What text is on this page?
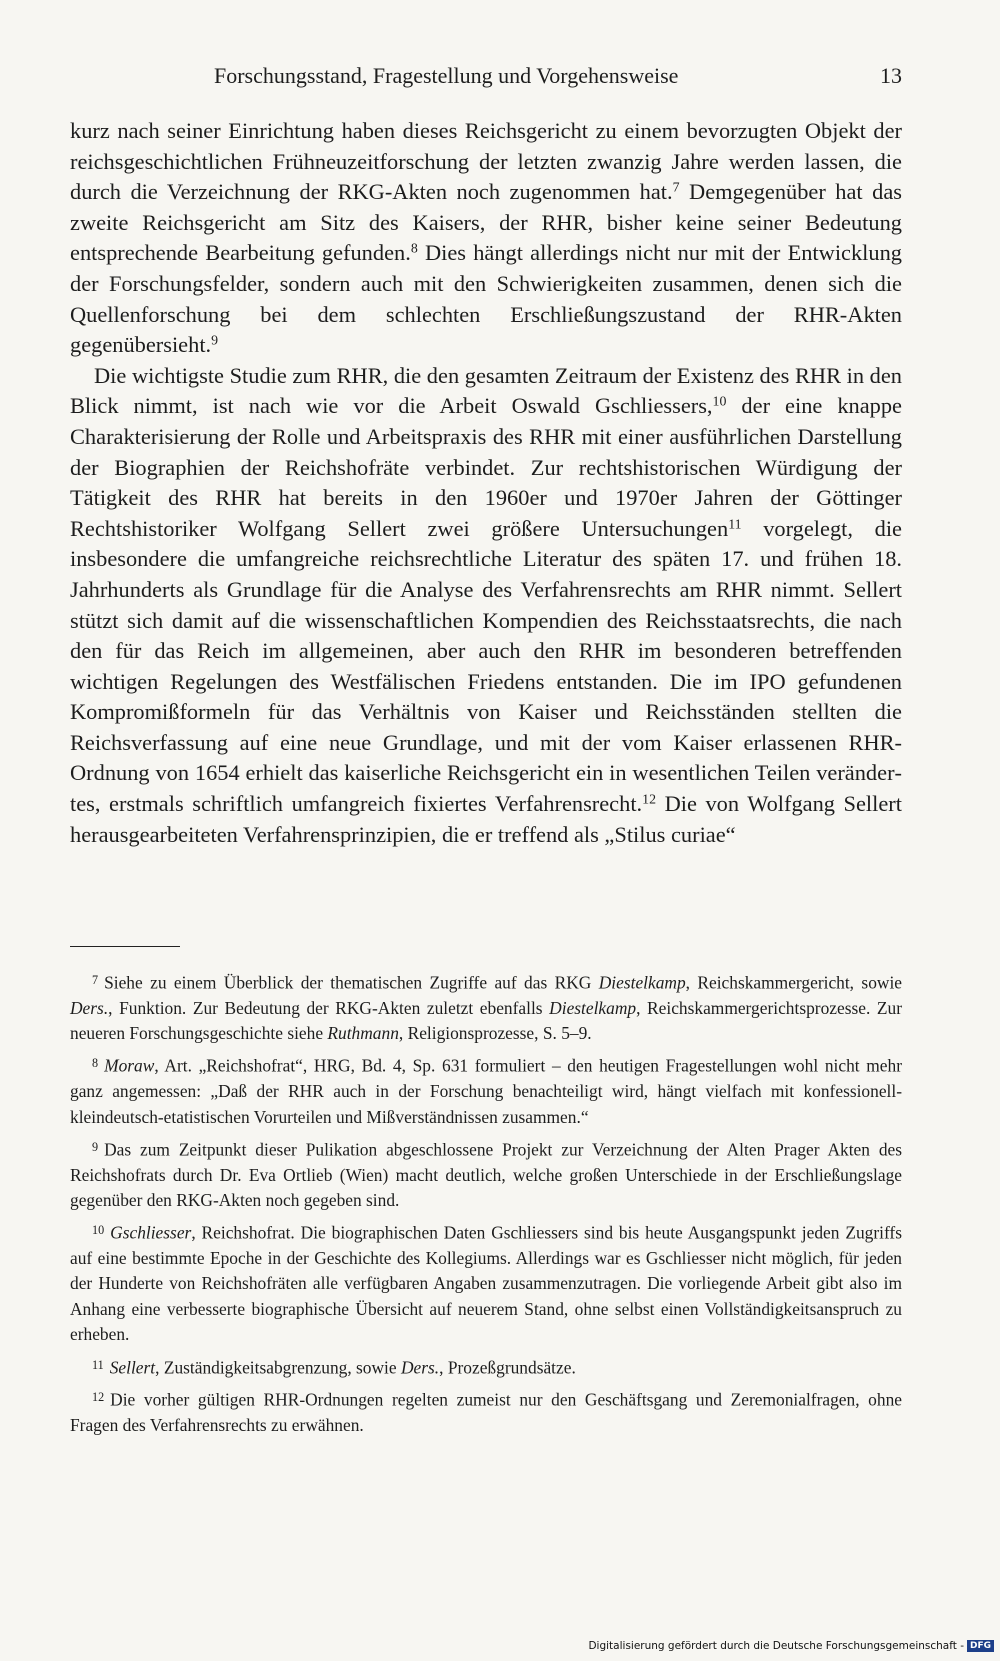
Forschungsstand, Fragestellung und Vorgehensweise	13

kurz nach seiner Einrichtung haben dieses Reichsgericht zu einem bevorzugten Objekt der reichsgeschichtlichen Frühneuzeitforschung der letzten zwanzig Jahre werden lassen, die durch die Verzeichnung der RKG-Akten noch zugenommen hat.$^7$ Demgegenüber hat das zweite Reichsgericht am Sitz des Kaisers, der RHR, bisher keine seiner Bedeutung entsprechende Bearbeitung gefunden.$^8$ Dies hängt allerdings nicht nur mit der Entwicklung der Forschungsfelder, sondern auch mit den Schwierigkeiten zusammen, denen sich die Quellenforschung bei dem schlechten Erschließungszustand der RHR-Akten gegenübersieht.$^9$

Die wichtigste Studie zum RHR, die den gesamten Zeitraum der Existenz des RHR in den Blick nimmt, ist nach wie vor die Arbeit Oswald Gschliessers,$^{10}$ der eine knappe Charakterisierung der Rolle und Arbeitspraxis des RHR mit einer ausführlichen Darstellung der Biographien der Reichshofräte verbindet. Zur rechtshistorischen Würdigung der Tätigkeit des RHR hat bereits in den 1960er und 1970er Jahren der Göttinger Rechtshistoriker Wolfgang Sellert zwei größere Untersuchungen$^{11}$ vorgelegt, die insbesondere die umfangreiche reichsrechtliche Literatur des späten 17. und frühen 18. Jahrhunderts als Grundlage für die Analyse des Verfahrensrechts am RHR nimmt. Sellert stützt sich damit auf die wissenschaftlichen Kompendien des Reichsstaatsrechts, die nach den für das Reich im allgemeinen, aber auch den RHR im besonderen betreffenden wichtigen Regelungen des Westfälischen Friedens entstanden. Die im IPO gefundenen Kompromißformeln für das Verhältnis von Kaiser und Reichsständen stellten die Reichsverfassung auf eine neue Grundlage, und mit der vom Kaiser erlassenen RHR-Ordnung von 1654 erhielt das kaiserliche Reichsgericht ein in wesentlichen Teilen verändertes, erstmals schriftlich umfangreich fixiertes Verfahrensrecht.$^{12}$ Die von Wolfgang Sellert herausgearbeiteten Verfahrensprinzipien, die er treffend als „Stilus curiae“

$^7$ Siehe zu einem Überblick der thematischen Zugriffe auf das RKG Diestelkamp, Reichskammergericht, sowie Ders., Funktion. Zur Bedeutung der RKG-Akten zuletzt ebenfalls Diestelkamp, Reichskammergerichtsprozesse. Zur neueren Forschungsgeschichte siehe Ruthmann, Religionsprozesse, S. 5–9.

$^8$ Moraw, Art. „Reichshofrat“, HRG, Bd. 4, Sp. 631 formuliert – den heutigen Fragestellungen wohl nicht mehr ganz angemessen: „Daß der RHR auch in der Forschung benachteiligt wird, hängt vielfach mit konfessionell-kleindeutsch-etatistischen Vorurteilen und Mißverständnissen zusammen.“

$^9$ Das zum Zeitpunkt dieser Pulikation abgeschlossene Projekt zur Verzeichnung der Alten Prager Akten des Reichshofrats durch Dr. Eva Ortlieb (Wien) macht deutlich, welche großen Unterschiede in der Erschließungslage gegenüber den RKG-Akten noch gegeben sind.

$^{10}$ Gschliesser, Reichshofrat. Die biographischen Daten Gschliessers sind bis heute Ausgangspunkt jeden Zugriffs auf eine bestimmte Epoche in der Geschichte des Kollegiums. Allerdings war es Gschliesser nicht möglich, für jeden der Hunderte von Reichshofräten alle verfügbaren Angaben zusammenzutragen. Die vorliegende Arbeit gibt also im Anhang eine verbesserte biographische Übersicht auf neuerem Stand, ohne selbst einen Vollständigkeitsanspruch zu erheben.

$^{11}$ Sellert, Zuständigkeitsabgrenzung, sowie Ders., Prozeßgrundsätze.

$^{12}$ Die vorher gültigen RHR-Ordnungen regelten zumeist nur den Geschäftsgang und Zeremonialfragen, ohne Fragen des Verfahrensrechts zu erwähnen.

Digitalisierung gefördert durch die Deutsche Forschungsgemeinschaft - DFG
